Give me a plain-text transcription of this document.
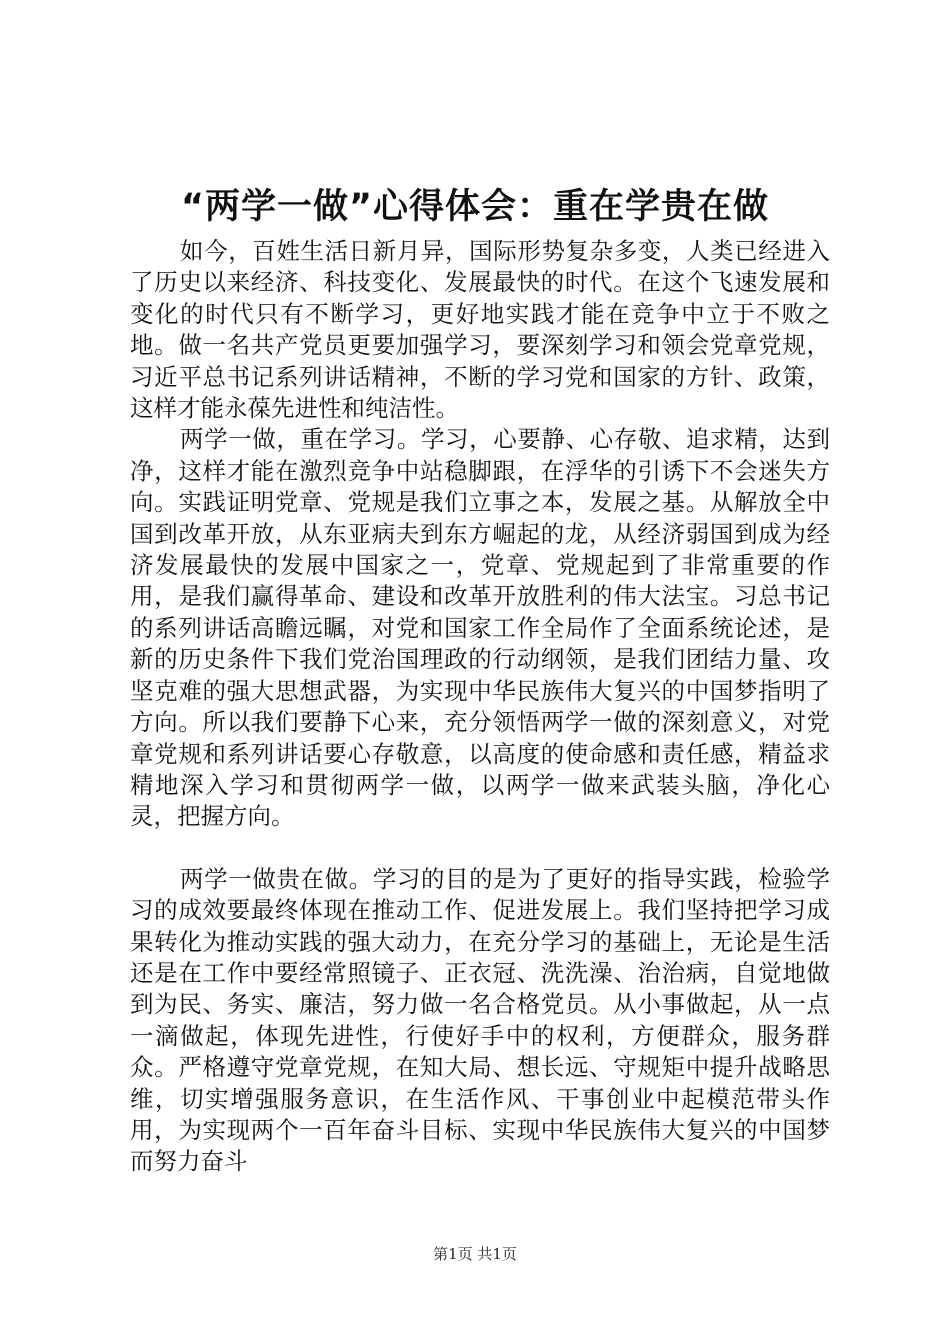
“两学一做”心得体会：重在学贵在做

如今，百姓生活日新月异，国际形势复杂多变，人类已经进入了历史以来经济、科技变化、发展最快的时代。在这个飞速发展和变化的时代只有不断学习，更好地实践才能在竞争中立于不败之地。做一名共产党员更要加强学习，要深刻学习和领会党章党规，习近平总书记系列讲话精神，不断的学习党和国家的方针、政策，这样才能永葆先进性和纯洁性。

两学一做，重在学习。学习，心要静、心存敬、追求精，达到净，这样才能在激烈竞争中站稳脚跟，在浮华的引诱下不会迷失方向。实践证明党章、党规是我们立事之本，发展之基。从解放全中国到改革开放，从东亚病夫到东方崛起的龙，从经济弱国到成为经济发展最快的发展中国家之一，党章、党规起到了非常重要的作用，是我们赢得革命、建设和改革开放胜利的伟大法宝。习总书记的系列讲话高瞻远瞩，对党和国家工作全局作了全面系统论述，是新的历史条件下我们党治国理政的行动纲领，是我们团结力量、攻坚克难的强大思想武器，为实现中华民族伟大复兴的中国梦指明了方向。所以我们要静下心来，充分领悟两学一做的深刻意义，对党章党规和系列讲话要心存敬意，以高度的使命感和责任感，精益求精地深入学习和贯彻两学一做，以两学一做来武装头脑，净化心灵，把握方向。

两学一做贵在做。学习的目的是为了更好的指导实践，检验学习的成效要最终体现在推动工作、促进发展上。我们坚持把学习成果转化为推动实践的强大动力，在充分学习的基础上，无论是生活还是在工作中要经常照镜子、正衣冠、洗洗澡、治治病，自觉地做到为民、务实、廉洁，努力做一名合格党员。从小事做起，从一点一滴做起，体现先进性，行使好手中的权利，方便群众，服务群众。严格遵守党章党规，在知大局、想长远、守规矩中提升战略思维，切实增强服务意识，在生活作风、干事创业中起模范带头作用，为实现两个一百年奋斗目标、实现中华民族伟大复兴的中国梦而努力奋斗

第1页 共1页
